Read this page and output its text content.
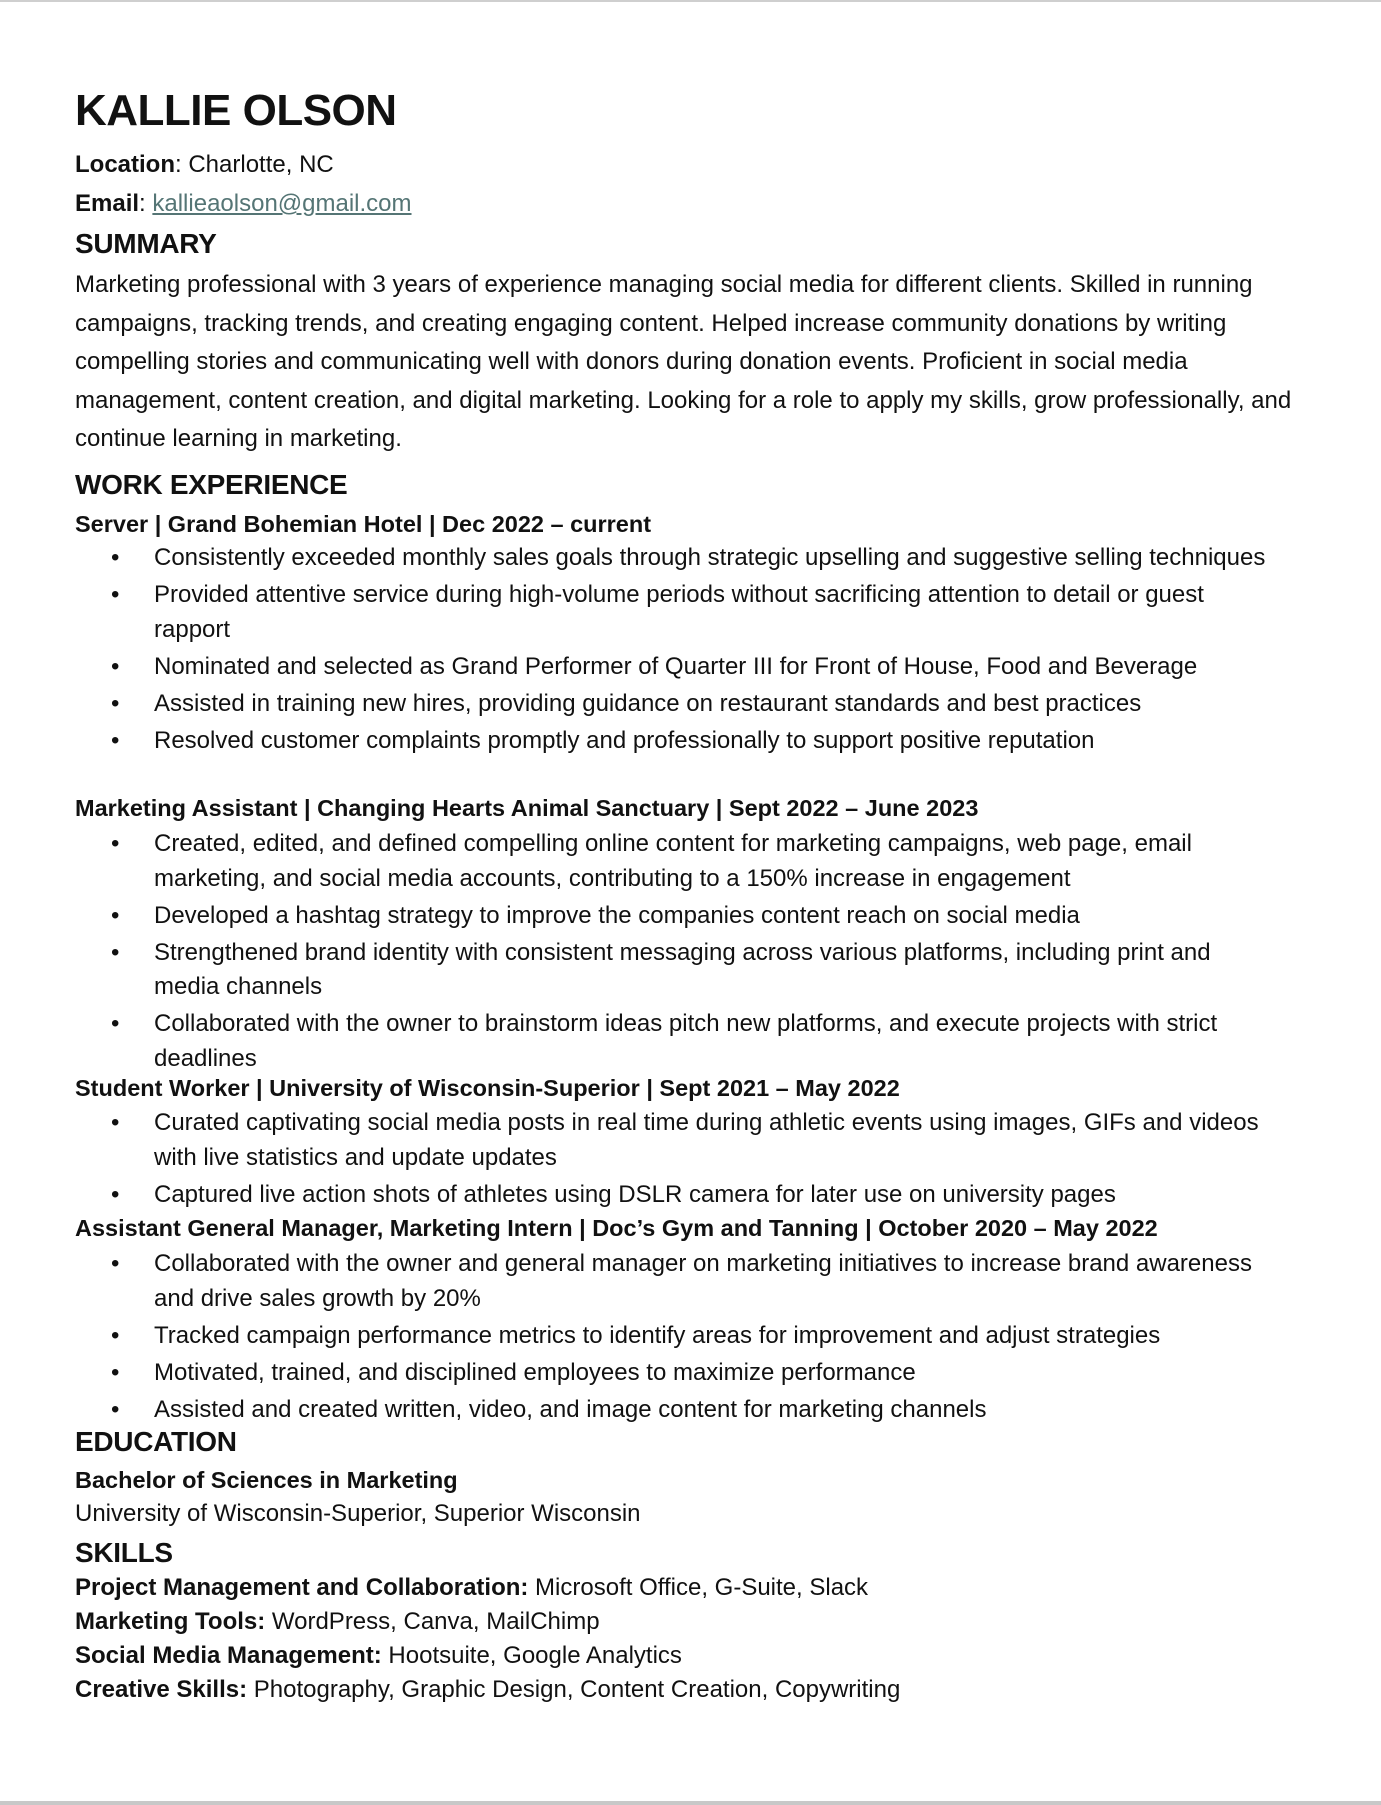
KALLIE OLSON
Location: Charlotte, NC
Email: kallieaolson@gmail.com
SUMMARY
Marketing professional with 3 years of experience managing social media for different clients. Skilled in running campaigns, tracking trends, and creating engaging content. Helped increase community donations by writing compelling stories and communicating well with donors during donation events. Proficient in social media management, content creation, and digital marketing. Looking for a role to apply my skills, grow professionally, and continue learning in marketing.
WORK EXPERIENCE
Server | Grand Bohemian Hotel | Dec 2022 – current
• Consistently exceeded monthly sales goals through strategic upselling and suggestive selling techniques
• Provided attentive service during high-volume periods without sacrificing attention to detail or guest rapport
• Nominated and selected as Grand Performer of Quarter III for Front of House, Food and Beverage
• Assisted in training new hires, providing guidance on restaurant standards and best practices
• Resolved customer complaints promptly and professionally to support positive reputation
Marketing Assistant | Changing Hearts Animal Sanctuary | Sept 2022 – June 2023
• Created, edited, and defined compelling online content for marketing campaigns, web page, email marketing, and social media accounts, contributing to a 150% increase in engagement
• Developed a hashtag strategy to improve the companies content reach on social media
• Strengthened brand identity with consistent messaging across various platforms, including print and media channels
• Collaborated with the owner to brainstorm ideas pitch new platforms, and execute projects with strict deadlines
Student Worker | University of Wisconsin-Superior | Sept 2021 – May 2022
• Curated captivating social media posts in real time during athletic events using images, GIFs and videos with live statistics and update updates
• Captured live action shots of athletes using DSLR camera for later use on university pages
Assistant General Manager, Marketing Intern | Doc’s Gym and Tanning | October 2020 – May 2022
• Collaborated with the owner and general manager on marketing initiatives to increase brand awareness and drive sales growth by 20%
• Tracked campaign performance metrics to identify areas for improvement and adjust strategies
• Motivated, trained, and disciplined employees to maximize performance
• Assisted and created written, video, and image content for marketing channels
EDUCATION
Bachelor of Sciences in Marketing
University of Wisconsin-Superior, Superior Wisconsin
SKILLS
Project Management and Collaboration: Microsoft Office, G-Suite, Slack
Marketing Tools: WordPress, Canva, MailChimp
Social Media Management: Hootsuite, Google Analytics
Creative Skills: Photography, Graphic Design, Content Creation, Copywriting
